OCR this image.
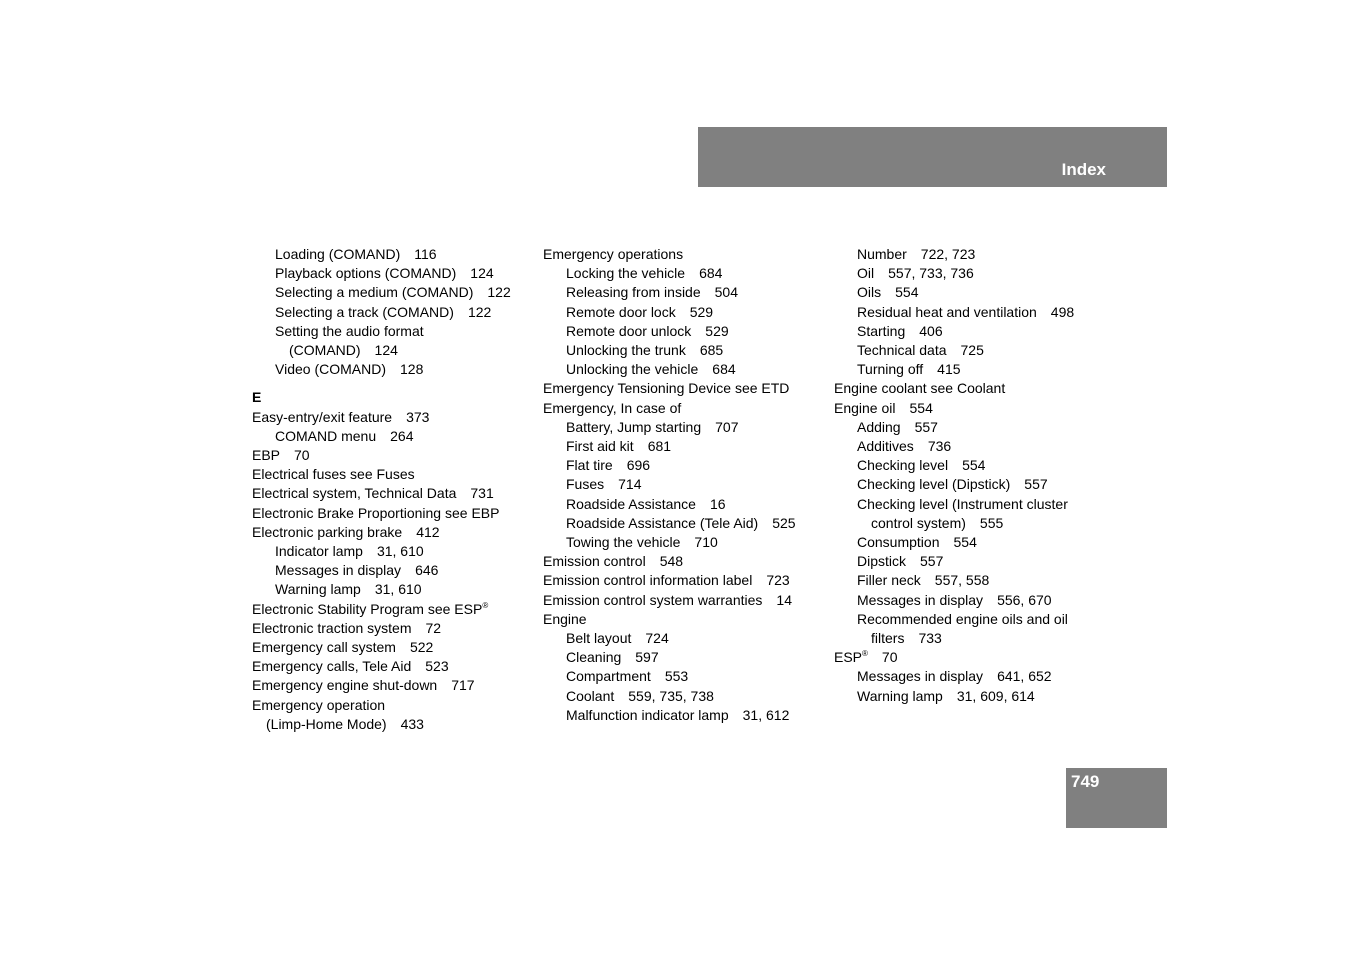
Index
Loading (COMAND) 116
Playback options (COMAND) 124
Selecting a medium (COMAND) 122
Selecting a track (COMAND) 122
Setting the audio format
(COMAND) 124
Video (COMAND) 128
E
Easy-entry/exit feature 373
COMAND menu 264
EBP 70
Electrical fuses see Fuses
Electrical system, Technical Data 731
Electronic Brake Proportioning see EBP
Electronic parking brake 412
Indicator lamp 31, 610
Messages in display 646
Warning lamp 31, 610
Electronic Stability Program see ESP®
Electronic traction system 72
Emergency call system 522
Emergency calls, Tele Aid 523
Emergency engine shut-down 717
Emergency operation
(Limp-Home Mode) 433
Emergency operations
Locking the vehicle 684
Releasing from inside 504
Remote door lock 529
Remote door unlock 529
Unlocking the trunk 685
Unlocking the vehicle 684
Emergency Tensioning Device see ETD
Emergency, In case of
Battery, Jump starting 707
First aid kit 681
Flat tire 696
Fuses 714
Roadside Assistance 16
Roadside Assistance (Tele Aid) 525
Towing the vehicle 710
Emission control 548
Emission control information label 723
Emission control system warranties 14
Engine
Belt layout 724
Cleaning 597
Compartment 553
Coolant 559, 735, 738
Malfunction indicator lamp 31, 612
Number 722, 723
Oil 557, 733, 736
Oils 554
Residual heat and ventilation 498
Starting 406
Technical data 725
Turning off 415
Engine coolant see Coolant
Engine oil 554
Adding 557
Additives 736
Checking level 554
Checking level (Dipstick) 557
Checking level (Instrument cluster
control system) 555
Consumption 554
Dipstick 557
Filler neck 557, 558
Messages in display 556, 670
Recommended engine oils and oil
filters 733
ESP® 70
Messages in display 641, 652
Warning lamp 31, 609, 614
749
